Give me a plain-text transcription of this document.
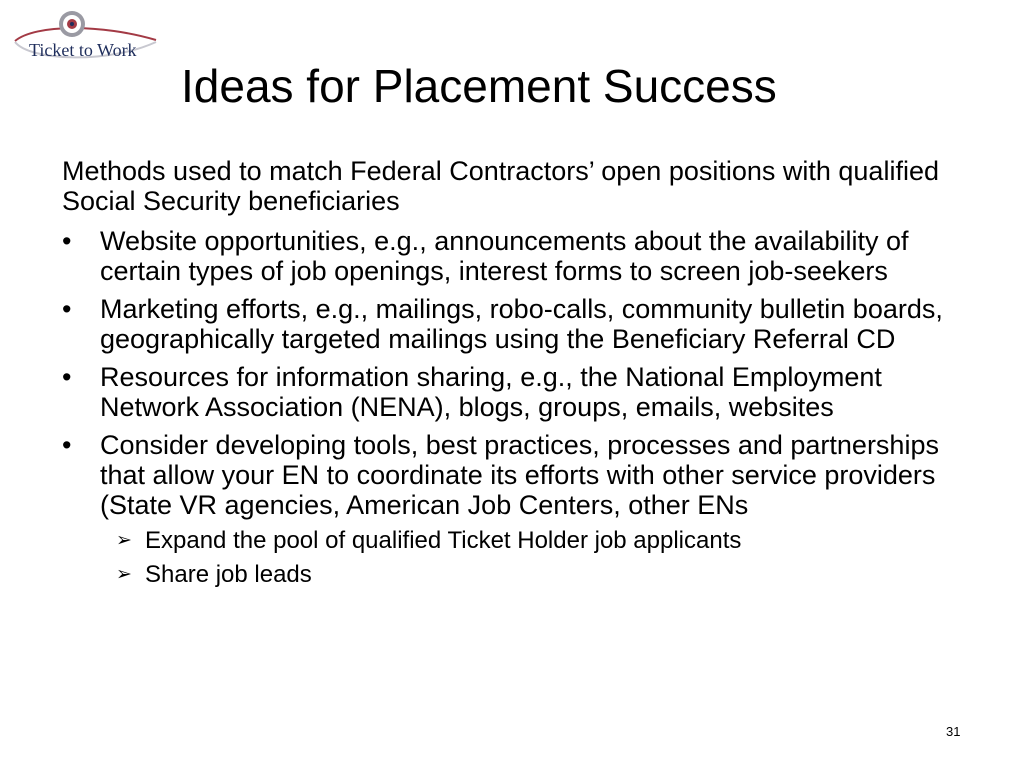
Ticket to Work
Ideas for Placement Success
Methods used to match Federal Contractors’ open positions with qualified Social Security beneficiaries
• Website opportunities, e.g., announcements about the availability of certain types of job openings, interest forms to screen job-seekers
• Marketing efforts, e.g., mailings, robo-calls, community bulletin boards, geographically targeted mailings using the Beneficiary Referral CD
• Resources for information sharing, e.g., the National Employment Network Association (NENA), blogs, groups, emails, websites
• Consider developing tools, best practices, processes and partnerships that allow your EN to coordinate its efforts with other service providers (State VR agencies, American Job Centers, other ENs
➢ Expand the pool of qualified Ticket Holder job applicants
➢ Share job leads
31
